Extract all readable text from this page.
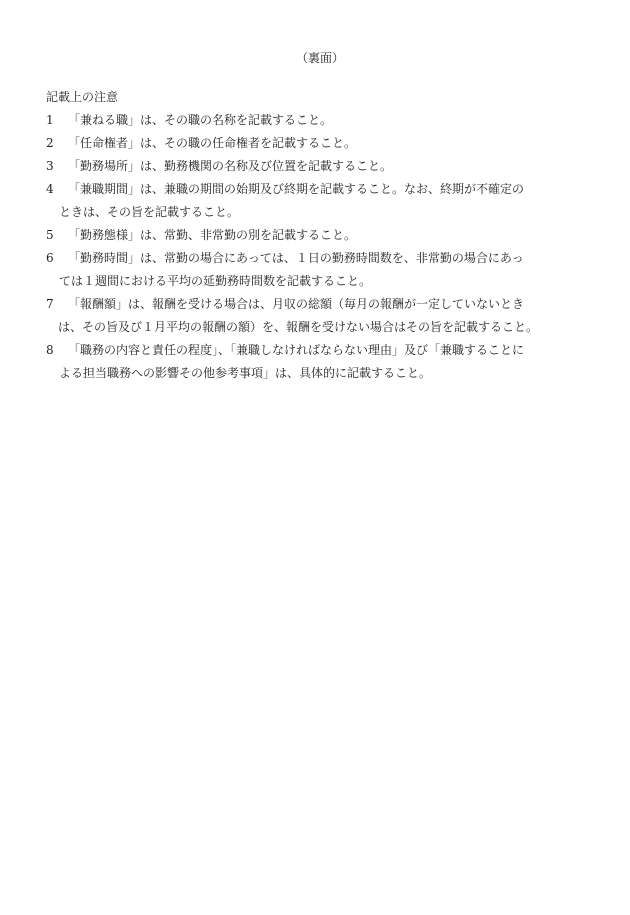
（裏面）
記載上の注意
1 　「兼ねる職」は、その職の名称を記載すること。
2 　「任命権者」は、その職の任命権者を記載すること。
3 　「勤務場所」は、勤務機関の名称及び位置を記載すること。
4 　「兼職期間」は、兼職の期間の始期及び終期を記載すること。なお、終期が不確定の
ときは、その旨を記載すること。
5 　「勤務態様」は、常勤、非常勤の別を記載すること。
6 　「勤務時間」は、常勤の場合にあっては、１日の勤務時間数を、非常勤の場合にあっ
ては１週間における平均の延勤務時間数を記載すること。
7 　「報酬額」は、報酬を受ける場合は、月収の総額（毎月の報酬が一定していないとき
は、その旨及び１月平均の報酬の額）を、報酬を受けない場合はその旨を記載すること。
8 　「職務の内容と責任の程度」、「兼職しなければならない理由」及び「兼職することに
よる担当職務への影響その他参考事項」は、具体的に記載すること。
